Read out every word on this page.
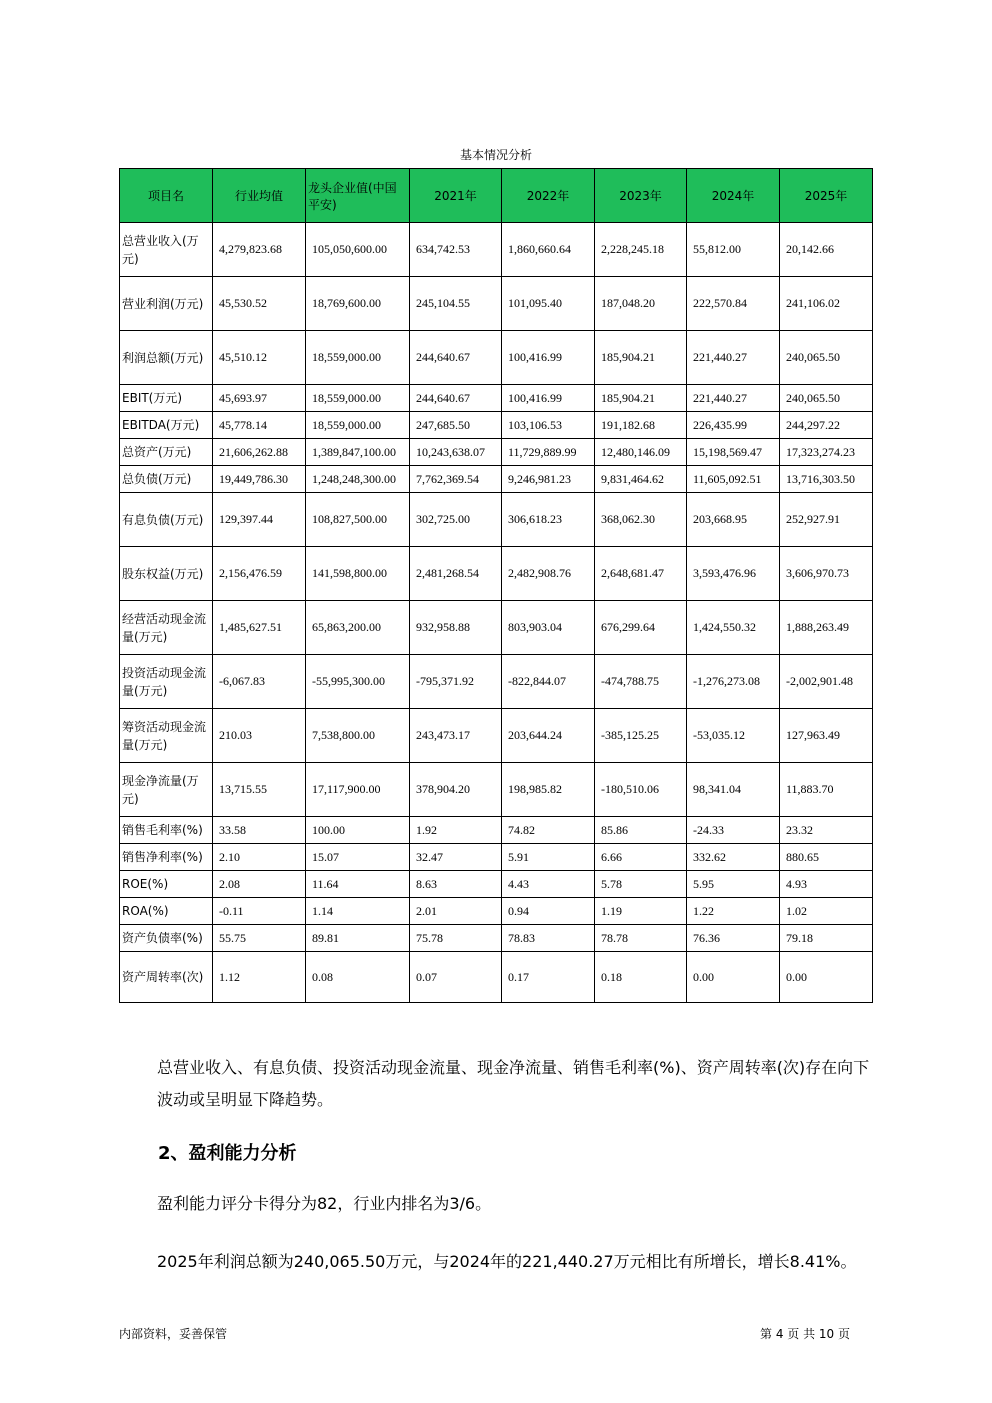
基本情况分析
项目名	行业均值	龙头企业值(中国平安)	2021年	2022年	2023年	2024年	2025年
总营业收入(万元)	4,279,823.68	105,050,600.00	634,742.53	1,860,660.64	2,228,245.18	55,812.00	20,142.66
营业利润(万元)	45,530.52	18,769,600.00	245,104.55	101,095.40	187,048.20	222,570.84	241,106.02
利润总额(万元)	45,510.12	18,559,000.00	244,640.67	100,416.99	185,904.21	221,440.27	240,065.50
EBIT(万元)	45,693.97	18,559,000.00	244,640.67	100,416.99	185,904.21	221,440.27	240,065.50
EBITDA(万元)	45,778.14	18,559,000.00	247,685.50	103,106.53	191,182.68	226,435.99	244,297.22
总资产(万元)	21,606,262.88	1,389,847,100.00	10,243,638.07	11,729,889.99	12,480,146.09	15,198,569.47	17,323,274.23
总负债(万元)	19,449,786.30	1,248,248,300.00	7,762,369.54	9,246,981.23	9,831,464.62	11,605,092.51	13,716,303.50
有息负债(万元)	129,397.44	108,827,500.00	302,725.00	306,618.23	368,062.30	203,668.95	252,927.91
股东权益(万元)	2,156,476.59	141,598,800.00	2,481,268.54	2,482,908.76	2,648,681.47	3,593,476.96	3,606,970.73
经营活动现金流量(万元)	1,485,627.51	65,863,200.00	932,958.88	803,903.04	676,299.64	1,424,550.32	1,888,263.49
投资活动现金流量(万元)	-6,067.83	-55,995,300.00	-795,371.92	-822,844.07	-474,788.75	-1,276,273.08	-2,002,901.48
筹资活动现金流量(万元)	210.03	7,538,800.00	243,473.17	203,644.24	-385,125.25	-53,035.12	127,963.49
现金净流量(万元)	13,715.55	17,117,900.00	378,904.20	198,985.82	-180,510.06	98,341.04	11,883.70
销售毛利率(%)	33.58	100.00	1.92	74.82	85.86	-24.33	23.32
销售净利率(%)	2.10	15.07	32.47	5.91	6.66	332.62	880.65
ROE(%)	2.08	11.64	8.63	4.43	5.78	5.95	4.93
ROA(%)	-0.11	1.14	2.01	0.94	1.19	1.22	1.02
资产负债率(%)	55.75	89.81	75.78	78.83	78.78	76.36	79.18
资产周转率(次)	1.12	0.08	0.07	0.17	0.18	0.00	0.00
总营业收入、有息负债、投资活动现金流量、现金净流量、销售毛利率(%)、资产周转率(次)存在向下波动或呈明显下降趋势。
2、盈利能力分析
盈利能力评分卡得分为82，行业内排名为3/6。
2025年利润总额为240,065.50万元，与2024年的221,440.27万元相比有所增长，增长8.41%。
内部资料，妥善保管	第 4 页 共 10 页
